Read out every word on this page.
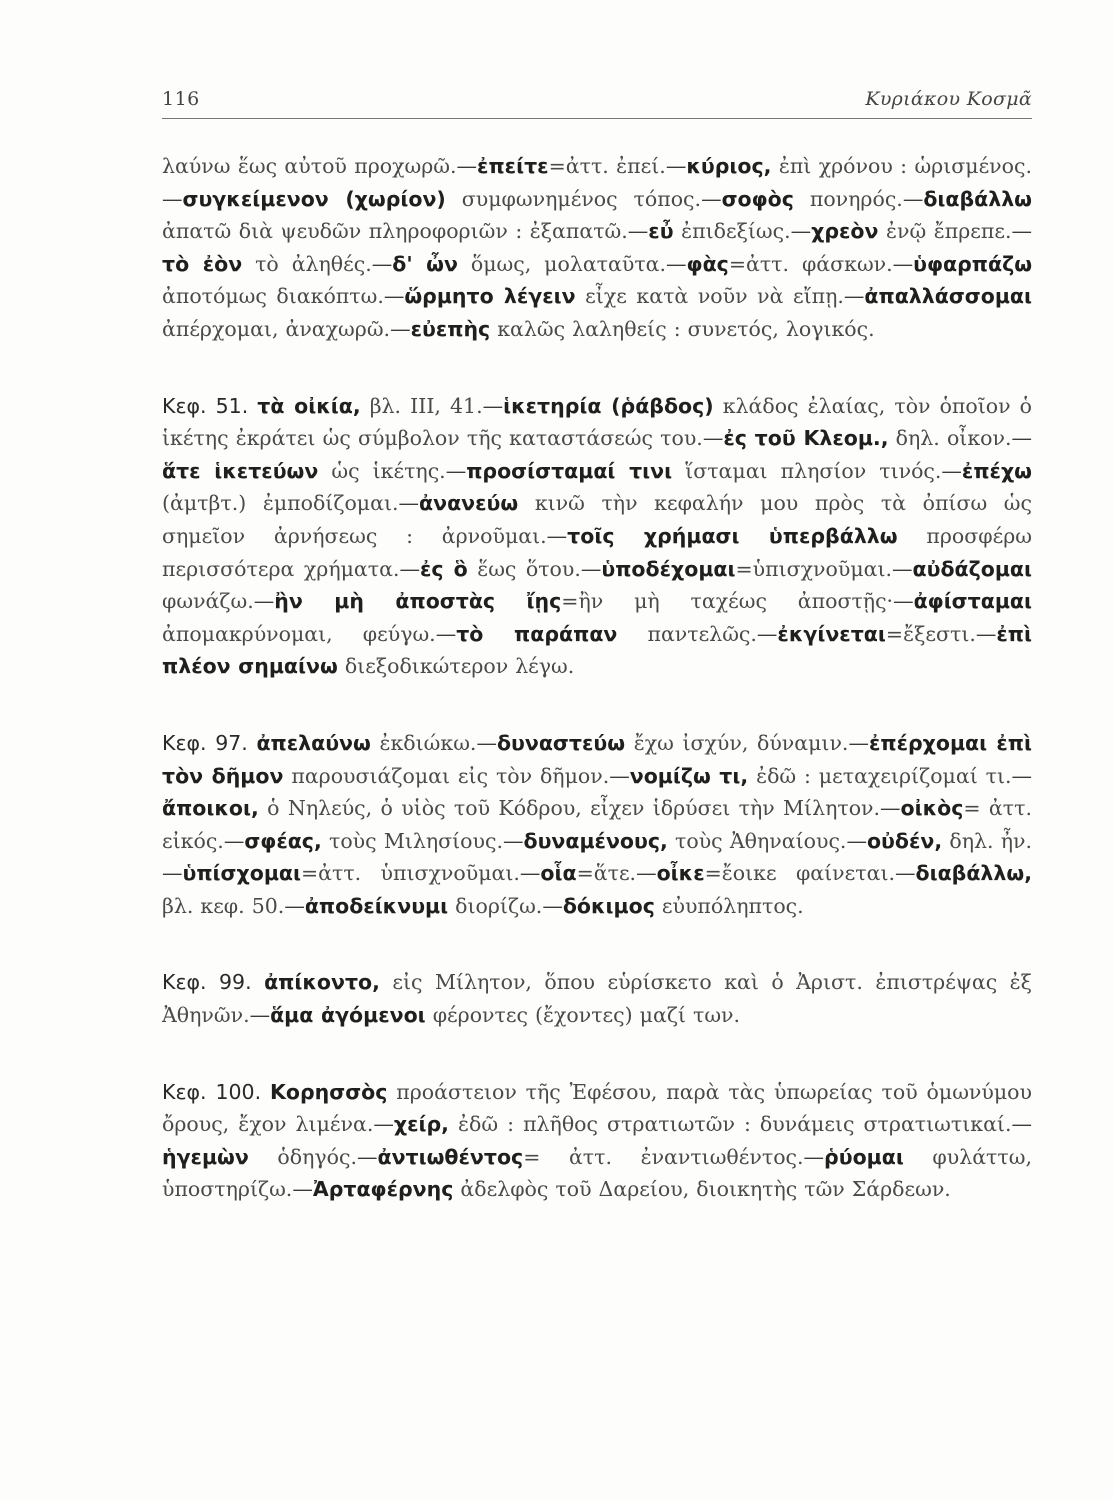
116	Κυριάκου Κοσμᾶ

λαύνω ἕως αὐτοῦ προχωρῶ.—ἐπείτε=ἀττ. ἐπεί.—κύριος, ἐπὶ χρόνου : ὡρισμένος.—συγκείμενον (χωρίον) συμφωνημένος τόπος.—σοφὸς πονηρός.—διαβάλλω ἀπατῶ διὰ ψευδῶν πληροφοριῶν : ἐξαπατῶ.—εὖ ἐπιδεξίως.—χρεὸν ἐνῷ ἔπρεπε.—τὸ ἐὸν τὸ ἀληθές.—δ' ὦν ὅμως, μολαταῦτα.—φὰς=ἀττ. φάσκων.—ὑφαρπάζω ἀποτόμως διακόπτω.—ὥρμητο λέγειν εἶχε κατὰ νοῦν νὰ εἴπῃ.—ἀπαλλάσσομαι ἀπέρχομαι, ἀναχωρῶ.—εὐεπὴς καλῶς λαληθείς : συνετός, λογικός.

Κεφ. 51. τὰ οἰκία, βλ. III, 41.—ἱκετηρία (ῥάβδος) κλάδος ἐλαίας, τὸν ὁποῖον ὁ ἱκέτης ἐκράτει ὡς σύμβολον τῆς καταστάσεώς του.—ἐς τοῦ Κλεομ., δηλ. οἶκον.—ἅτε ἱκετεύων ὡς ἱκέτης.—προσίσταμαί τινι ἵσταμαι πλησίον τινός.—ἐπέχω (ἀμτβτ.) ἐμποδίζομαι.—ἀνανεύω κινῶ τὴν κεφαλήν μου πρὸς τὰ ὀπίσω ὡς σημεῖον ἀρνήσεως : ἀρνοῦμαι.—τοῖς χρήμασι ὑπερβάλλω προσφέρω περισσότερα χρήματα.—ἐς ὃ ἕως ὅτου.—ὑποδέχομαι=ὑπισχνοῦμαι.—αὐδάζομαι φωνάζω.—ἢν μὴ ἀποστὰς ἴῃς=ἢν μὴ ταχέως ἀποστῇς·—ἀφίσταμαι ἀπομακρύνομαι, φεύγω.—τὸ παράπαν παντελῶς.—ἐκγίνεται=ἔξεστι.—ἐπὶ πλέον σημαίνω διεξοδικώτερον λέγω.

Κεφ. 97. ἀπελαύνω ἐκδιώκω.—δυναστεύω ἔχω ἰσχύν, δύναμιν.—ἐπέρχομαι ἐπὶ τὸν δῆμον παρουσιάζομαι εἰς τὸν δῆμον.—νομίζω τι, ἐδῶ : μεταχειρίζομαί τι.—ἄποικοι, ὁ Νηλεύς, ὁ υἱὸς τοῦ Κόδρου, εἶχεν ἱδρύσει τὴν Μίλητον.—οἰκὸς= ἀττ. εἰκός.—σφέας, τοὺς Μιλησίους.—δυναμένους, τοὺς Ἀθηναίους.—οὐδέν, δηλ. ἦν.—ὑπίσχομαι=ἀττ. ὑπισχνοῦμαι.—οἷα=ἅτε.—οἶκε=ἔοικε φαίνεται.—διαβάλλω, βλ. κεφ. 50.—ἀποδείκνυμι διορίζω.—δόκιμος εὐυπόληπτος.

Κεφ. 99. ἀπίκοντο, εἰς Μίλητον, ὅπου εὑρίσκετο καὶ ὁ Ἀριστ. ἐπιστρέψας ἐξ Ἀθηνῶν.—ἅμα ἀγόμενοι φέροντες (ἔχοντες) μαζί των.

Κεφ. 100. Κορησσὸς προάστειον τῆς Ἐφέσου, παρὰ τὰς ὑπωρείας τοῦ ὁμωνύμου ὄρους, ἔχον λιμένα.—χείρ, ἐδῶ : πλῆθος στρατιωτῶν : δυνάμεις στρατιωτικαί.—ἡγεμὼν ὁδηγός.—ἀντιωθέντος= ἀττ. ἐναντιωθέντος.—ῥύομαι φυλάττω, ὑποστηρίζω.—Ἀρταφέρνης ἀδελφὸς τοῦ Δαρείου, διοικητὴς τῶν Σάρδεων.
